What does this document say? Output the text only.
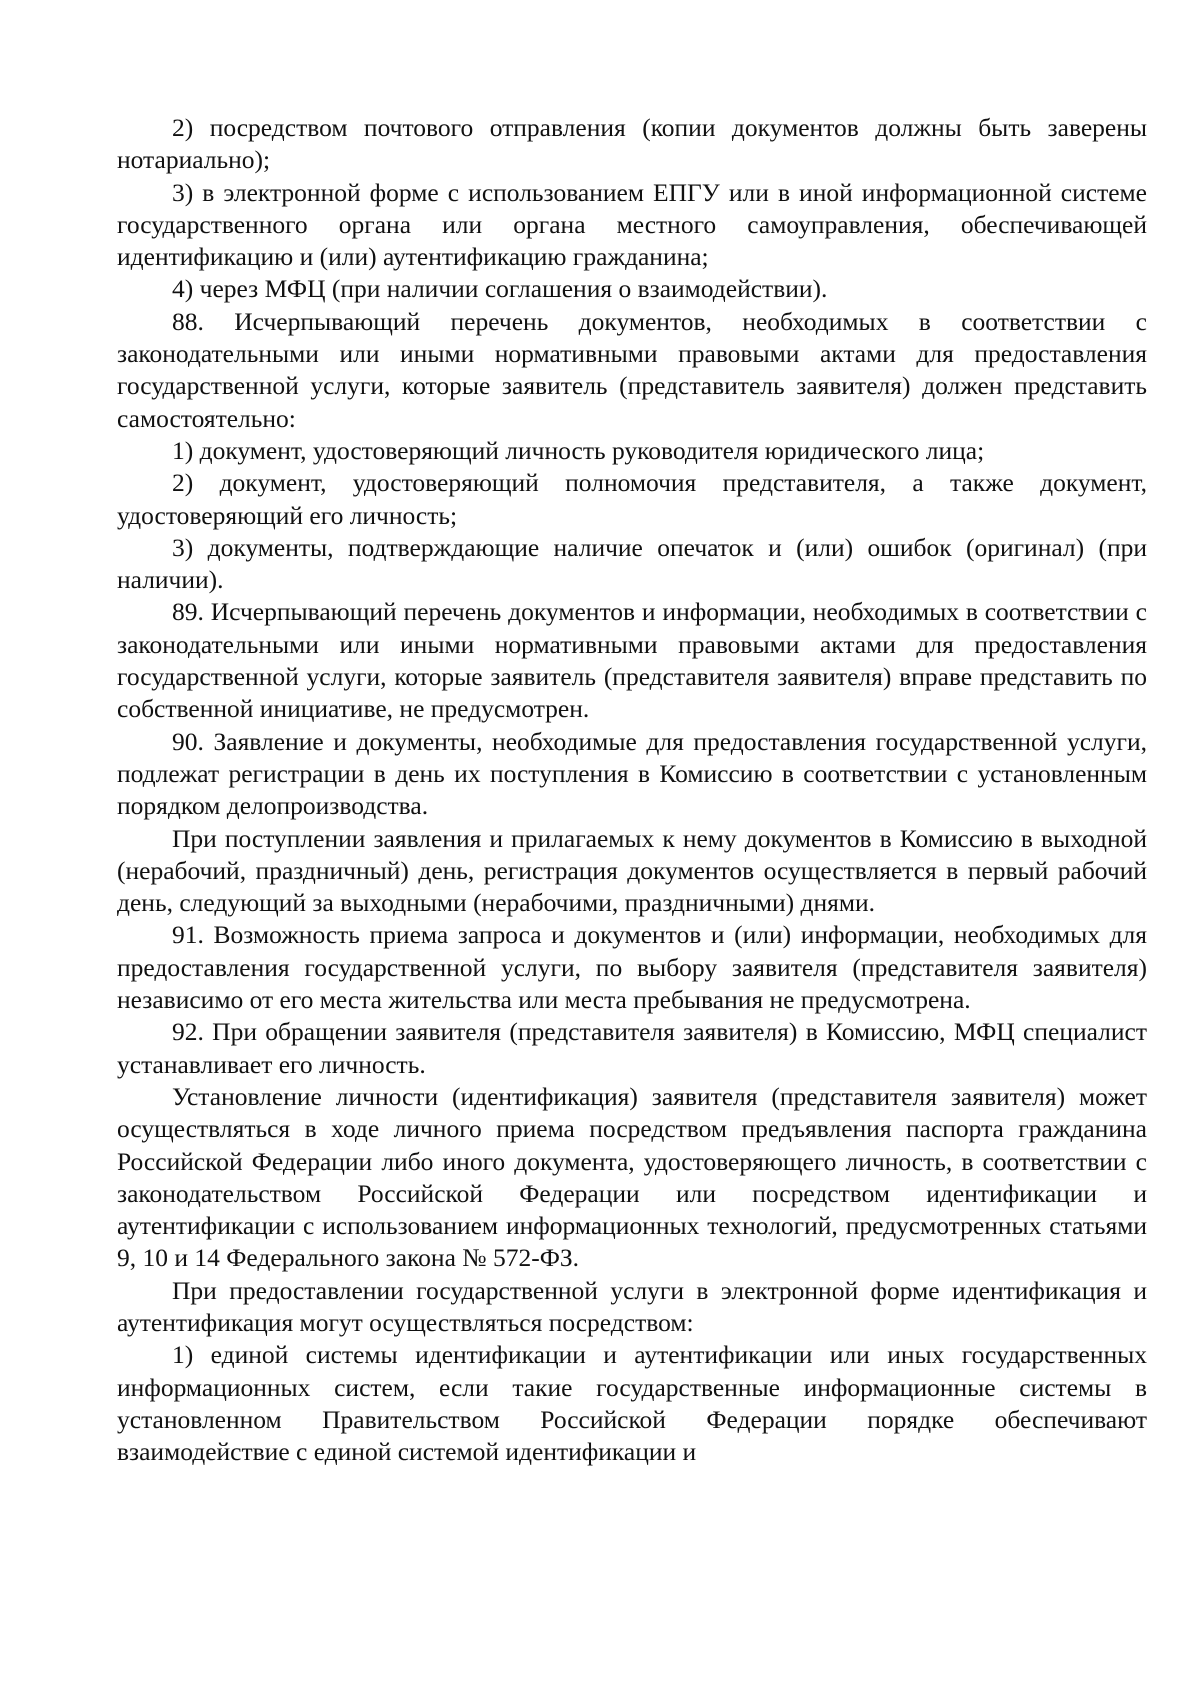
2) посредством почтового отправления (копии документов должны быть заверены нотариально);

3) в электронной форме с использованием ЕПГУ или в иной информационной системе государственного органа или органа местного самоуправления, обеспечивающей идентификацию и (или) аутентификацию гражданина;

4) через МФЦ (при наличии соглашения о взаимодействии).

88. Исчерпывающий перечень документов, необходимых в соответствии с законодательными или иными нормативными правовыми актами для предоставления государственной услуги, которые заявитель (представитель заявителя) должен представить самостоятельно:

1) документ, удостоверяющий личность руководителя юридического лица;

2) документ, удостоверяющий полномочия представителя, а также документ, удостоверяющий его личность;

3) документы, подтверждающие наличие опечаток и (или) ошибок (оригинал) (при наличии).

89. Исчерпывающий перечень документов и информации, необходимых в соответствии с законодательными или иными нормативными правовыми актами для предоставления государственной услуги, которые заявитель (представителя заявителя) вправе представить по собственной инициативе, не предусмотрен.

90. Заявление и документы, необходимые для предоставления государственной услуги, подлежат регистрации в день их поступления в Комиссию в соответствии с установленным порядком делопроизводства.

При поступлении заявления и прилагаемых к нему документов в Комиссию в выходной (нерабочий, праздничный) день, регистрация документов осуществляется в первый рабочий день, следующий за выходными (нерабочими, праздничными) днями.

91. Возможность приема запроса и документов и (или) информации, необходимых для предоставления государственной услуги, по выбору заявителя (представителя заявителя) независимо от его места жительства или места пребывания не предусмотрена.

92. При обращении заявителя (представителя заявителя) в Комиссию, МФЦ специалист устанавливает его личность.

Установление личности (идентификация) заявителя (представителя заявителя) может осуществляться в ходе личного приема посредством предъявления паспорта гражданина Российской Федерации либо иного документа, удостоверяющего личность, в соответствии с законодательством Российской Федерации или посредством идентификации и аутентификации с использованием информационных технологий, предусмотренных статьями 9, 10 и 14 Федерального закона № 572-ФЗ.

При предоставлении государственной услуги в электронной форме идентификация и аутентификация могут осуществляться посредством:

1) единой системы идентификации и аутентификации или иных государственных информационных систем, если такие государственные информационные системы в установленном Правительством Российской Федерации порядке обеспечивают взаимодействие с единой системой идентификации и
